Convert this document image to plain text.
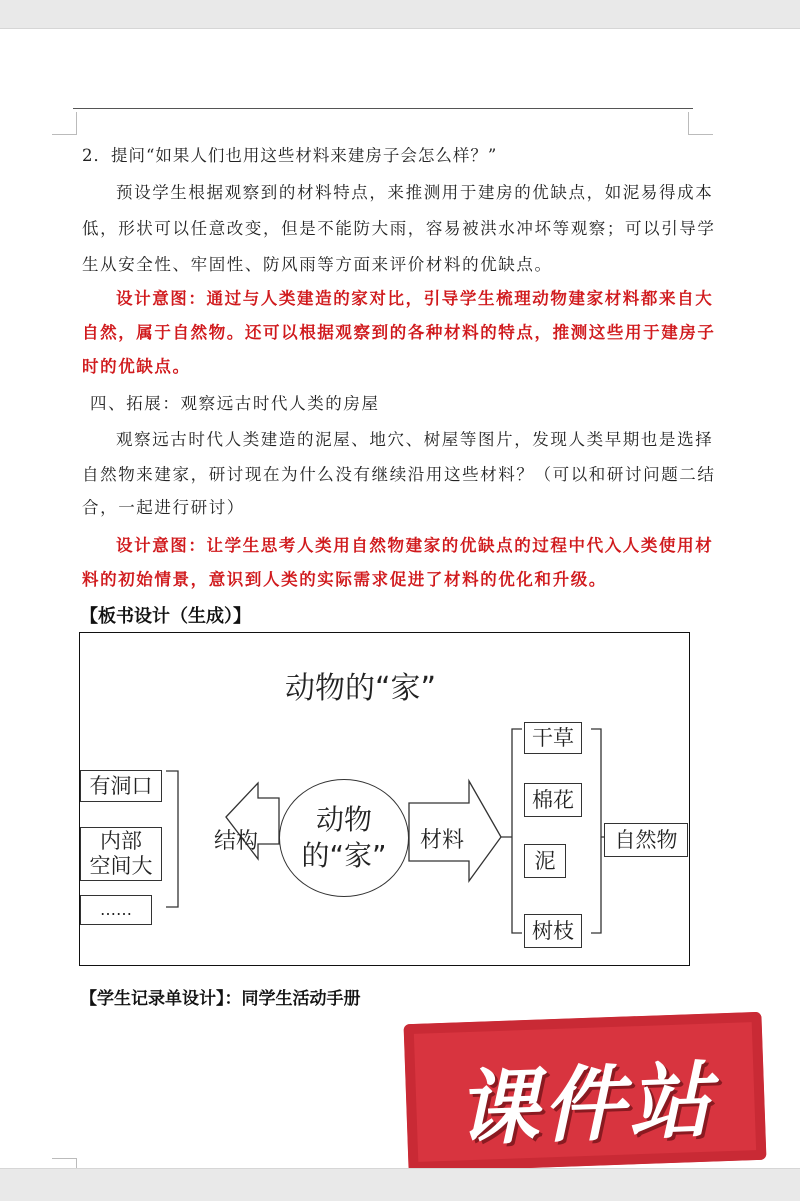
2．提问“如果人们也用这些材料来建房子会怎么样？”
预设学生根据观察到的材料特点，来推测用于建房的优缺点，如泥易得成本
低，形状可以任意改变，但是不能防大雨，容易被洪水冲坏等观察；可以引导学
生从安全性、牢固性、防风雨等方面来评价材料的优缺点。
设计意图：通过与人类建造的家对比，引导学生梳理动物建家材料都来自大
自然，属于自然物。还可以根据观察到的各种材料的特点，推测这些用于建房子
时的优缺点。
四、拓展：观察远古时代人类的房屋
观察远古时代人类建造的泥屋、地穴、树屋等图片，发现人类早期也是选择
自然物来建家，研讨现在为什么没有继续沿用这些材料？（可以和研讨问题二结
合，一起进行研讨）
设计意图：让学生思考人类用自然物建家的优缺点的过程中代入人类使用材
料的初始情景，意识到人类的实际需求促进了材料的优化和升级。
【板书设计（生成）】
动物的“家”
有洞口
内部
空间大
……
结构
动物
的“家”	材料
干草
棉花
泥
树枝
自然物
【学生记录单设计】：同学生活动手册
课件站
